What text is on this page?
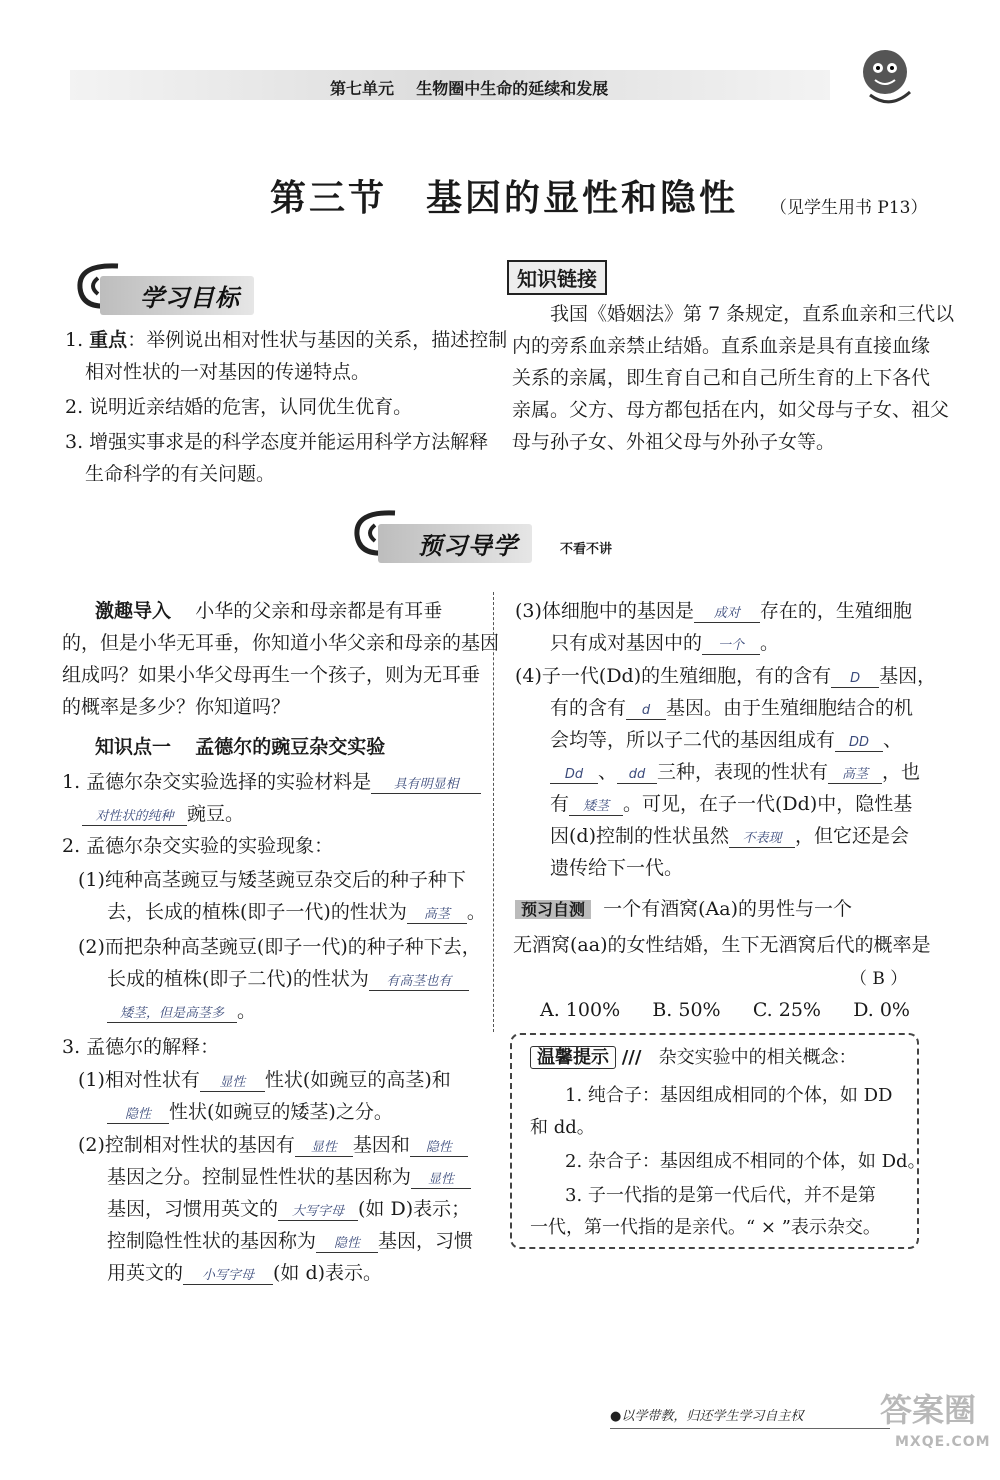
第七单元 生物圈中生命的延续和发展
第三节　基因的显性和隐性 （见学生用书 P13）
学习目标
1. 重点：举例说出相对性状与基因的关系，描述控制
相对性状的一对基因的传递特点。
2. 说明近亲结婚的危害，认同优生优育。
3. 增强实事求是的科学态度并能运用科学方法解释
生命科学的有关问题。
知识链接
我国《婚姻法》第 7 条规定，直系血亲和三代以
内的旁系血亲禁止结婚。直系血亲是具有直接血缘
关系的亲属，即生育自己和自己所生育的上下各代
亲属。父方、母方都包括在内，如父母与子女、祖父
母与孙子女、外祖父母与外孙子女等。
预习导学	不看不讲
激趣导入 小华的父亲和母亲都是有耳垂
的，但是小华无耳垂，你知道小华父亲和母亲的基因
组成吗？如果小华父母再生一个孩子，则为无耳垂
的概率是多少？你知道吗？
知识点一 孟德尔的豌豆杂交实验
1. 孟德尔杂交实验选择的实验材料是 具有明显相
对性状的纯种 豌豆。
2. 孟德尔杂交实验的实验现象：
(1)纯种高茎豌豆与矮茎豌豆杂交后的种子种下
去，长成的植株(即子一代)的性状为 高茎 。
(2)而把杂种高茎豌豆(即子一代)的种子种下去，
长成的植株(即子二代)的性状为 有高茎也有
矮茎，但是高茎多 。
3. 孟德尔的解释：
(1)相对性状有 显性 性状(如豌豆的高茎)和
隐性 性状(如豌豆的矮茎)之分。
(2)控制相对性状的基因有 显性 基因和 隐性
基因之分。控制显性性状的基因称为 显性
基因，习惯用英文的 大写字母 (如 D)表示；
控制隐性性状的基因称为 隐性 基因，习惯
用英文的 小写字母 (如 d)表示。
(3)体细胞中的基因是 成对 存在的，生殖细胞
只有成对基因中的 一个 。
(4)子一代(Dd)的生殖细胞，有的含有 D 基因，
有的含有 d 基因。由于生殖细胞结合的机
会均等，所以子二代的基因组成有 DD 、
Dd 、 dd 三种，表现的性状有 高茎 ，也
有 矮茎 。可见，在子一代(Dd)中，隐性基
因(d)控制的性状虽然 不表现 ，但它还是会
遗传给下一代。
预习自测 一个有酒窝(Aa)的男性与一个
无酒窝(aa)的女性结婚，生下无酒窝后代的概率是
（ B ）
A. 100% B. 50% C. 25% D. 0%
温馨提示 /// 杂交实验中的相关概念：
1. 纯合子：基因组成相同的个体，如 DD
和 dd。
2. 杂合子：基因组成不相同的个体，如 Dd。
3. 子一代指的是第一代后代，并不是第
一代，第一代指的是亲代。“ × ”表示杂交。
●以学带教，归还学生学习自主权 答案圈
MXQE.COM
